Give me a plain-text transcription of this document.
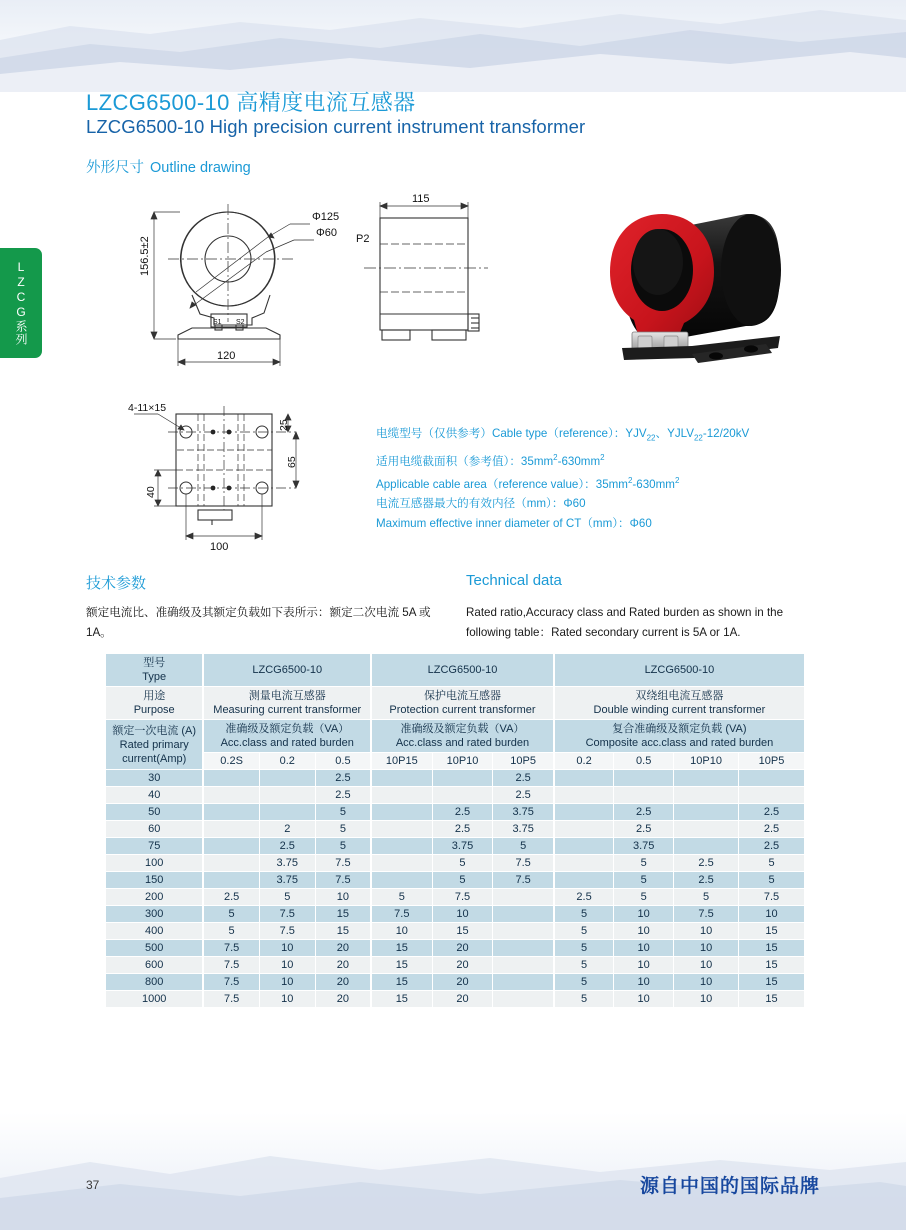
LZCG系列
LZCG6500-10 高精度电流互感器
LZCG6500-10 High precision current instrument transformer
外形尺寸 Outline drawing
Φ125
Φ60
156.5±2
120
S1 S2
115
P2
4-11×15
25
65
40
100
电缆型号（仅供参考）Cable type（reference）：$YJV_{22}$、$YJLV_{22}-12/20kV$
适用电缆截面积（参考值）：$35mm^2-630mm^2$
Applicable cable area（reference value）：$35mm^2-630mm^2$
电流互感器最大的有效内径（mm）：Φ60
Maximum effective inner diameter of CT（mm）：Φ60
技术参数	Technical data
额定电流比、准确级及其额定负载如下表所示：额定二次电流 5A 或 1A。
Rated ratio,Accuracy class and Rated burden as shown in the following table：Rated secondary current is 5A or 1A.
型号
Type	LZCG6500-10			LZCG6500-10			LZCG6500-10			

用途
Purpose	测量电流互感器
Measuring current transformer			保护电流互感器
Protection current transformer			双绕组电流互感器
Double winding current transformer			

额定一次电流 (A)
Rated primary
current(Amp)	准确级及额定负载（VA）
Acc.class and rated burden			准确级及额定负载（VA）
Acc.class and rated burden			复合准确级及额定负载 (VA)
Composite acc.class and rated burden			

	0.2S	0.2	0.5	10P15	10P10	10P5	0.2	0.5	10P10	10P5
30			2.5			2.5				
40			2.5			2.5				
50			5		2.5	3.75		2.5		2.5
60		2	5		2.5	3.75		2.5		2.5
75		2.5	5		3.75	5		3.75		2.5
100		3.75	7.5		5	7.5		5	2.5	5
150		3.75	7.5		5	7.5		5	2.5	5
200	2.5	5	10	5	7.5		2.5	5	5	7.5
300	5	7.5	15	7.5	10		5	10	7.5	10
400	5	7.5	15	10	15		5	10	10	15
500	7.5	10	20	15	20		5	10	10	15
600	7.5	10	20	15	20		5	10	10	15
800	7.5	10	20	15	20		5	10	10	15
1000	7.5	10	20	15	20		5	10	10	15
37	源自中国的国际品牌
